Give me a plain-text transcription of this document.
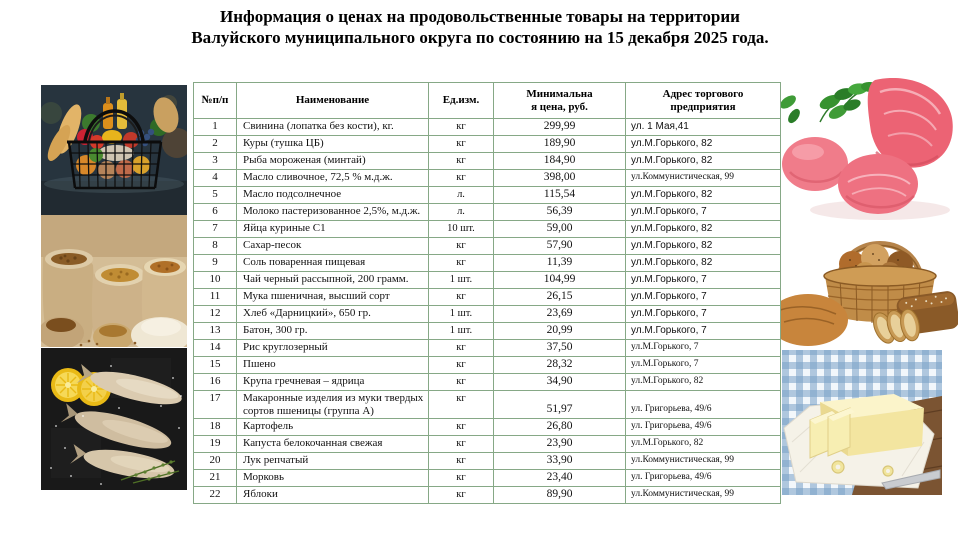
Информация о ценах на продовольственные товары на территории
Валуйского муниципального округа по состоянию на 15 декабря 2025 года.
№п/п	Наименование	Ед.изм.	Минимальна я цена, руб.	Адрес торгового предприятия

1	Свинина (лопатка без кости), кг.	кг	299,99	ул. 1 Мая,41
2	Куры (тушка ЦБ)	кг	189,90	ул.М.Горького, 82
3	Рыба мороженая (минтай)	кг	184,90	ул.М.Горького, 82
4	Масло сливочное, 72,5 % м.д.ж.	кг	398,00	ул.Коммунистическая, 99
5	Масло подсолнечное	л.	115,54	ул.М.Горького, 82
6	Молоко пастеризованное 2,5%, м.д.ж.	л.	56,39	ул.М.Горького, 7
7	Яйца куриные С1	10 шт.	59,00	ул.М.Горького, 82
8	Сахар-песок	кг	57,90	ул.М.Горького, 82
9	Соль поваренная пищевая	кг	11,39	ул.М.Горького, 82
10	Чай черный рассыпной, 200 грамм.	1 шт.	104,99	ул.М.Горького, 7
11	Мука пшеничная, высший сорт	кг	26,15	ул.М.Горького, 7
12	Хлеб «Дарницкий», 650 гр.	1 шт.	23,69	ул.М.Горького, 7
13	Батон, 300 гр.	1 шт.	20,99	ул.М.Горького, 7
14	Рис круглозерный	кг	37,50	ул.М.Горького, 7
15	Пшено	кг	28,32	ул.М.Горького, 7
16	Крупа гречневая – ядрица	кг	34,90	ул.М.Горького, 82
17	Макаронные изделия из муки твердых сортов пшеницы (группа А)	кг	51,97	ул. Григорьева, 49/6
18	Картофель	кг	26,80	ул. Григорьева, 49/6
19	Капуста белокочанная свежая	кг	23,90	ул.М.Горького, 82
20	Лук репчатый	кг	33,90	ул.Коммунистическая, 99
21	Морковь	кг	23,40	ул. Григорьева, 49/6
22	Яблоки	кг	89,90	ул.Коммунистическая, 99
